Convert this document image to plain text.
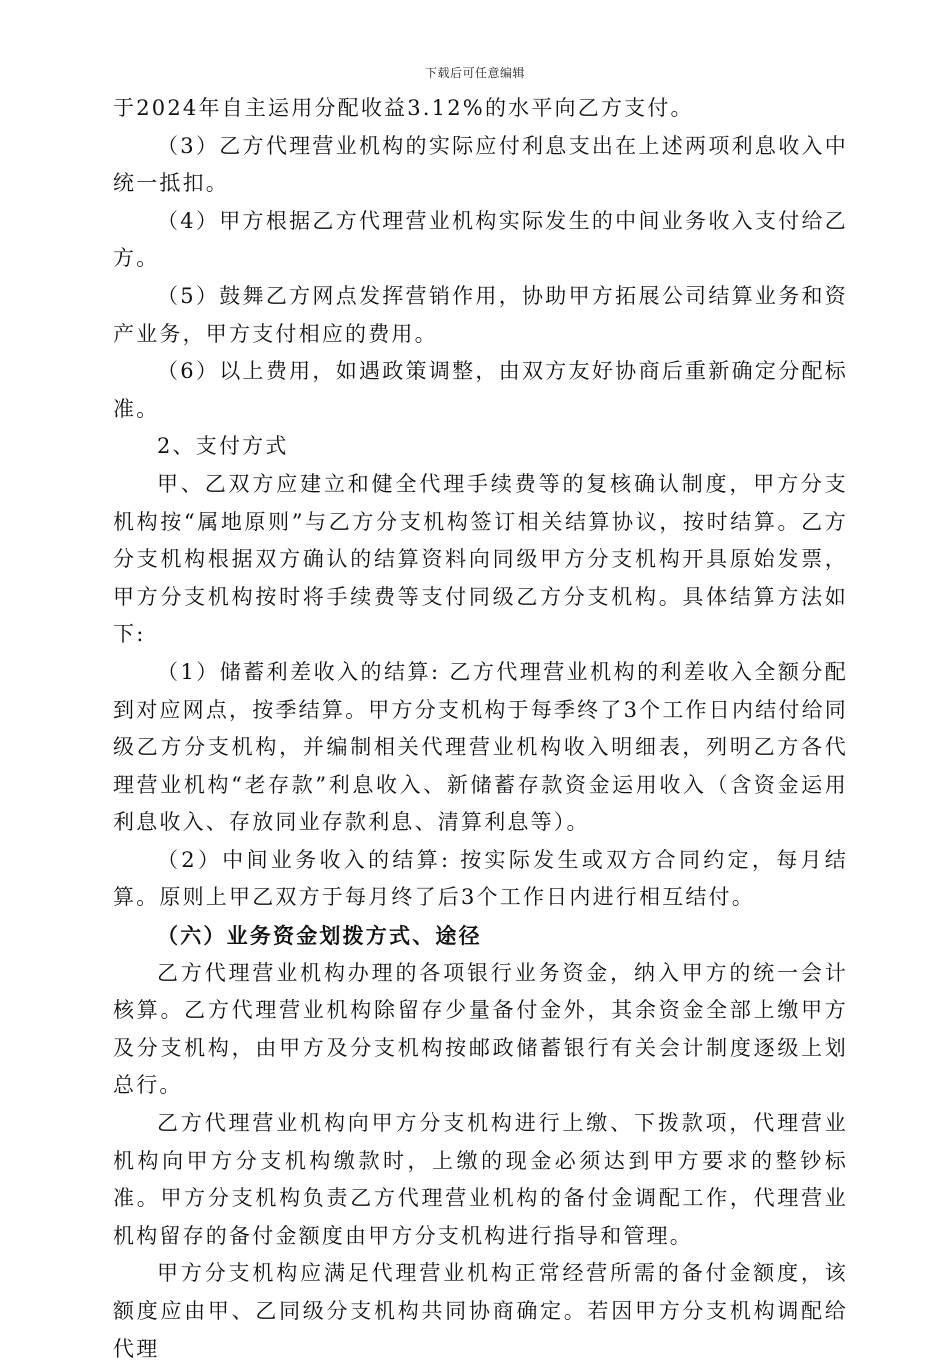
下载后可任意编辑

于2024年自主运用分配收益3.12%的水平向乙方支付。

（3）乙方代理营业机构的实际应付利息支出在上述两项利息收入中统一抵扣。

（4）甲方根据乙方代理营业机构实际发生的中间业务收入支付给乙方。

（5）鼓舞乙方网点发挥营销作用，协助甲方拓展公司结算业务和资产业务，甲方支付相应的费用。

（6）以上费用，如遇政策调整，由双方友好协商后重新确定分配标准。

2、支付方式

甲、乙双方应建立和健全代理手续费等的复核确认制度，甲方分支机构按“属地原则”与乙方分支机构签订相关结算协议，按时结算。乙方分支机构根据双方确认的结算资料向同级甲方分支机构开具原始发票，甲方分支机构按时将手续费等支付同级乙方分支机构。具体结算方法如下:

（1）储蓄利差收入的结算: 乙方代理营业机构的利差收入全额分配到对应网点，按季结算。甲方分支机构于每季终了3个工作日内结付给同级乙方分支机构，并编制相关代理营业机构收入明细表，列明乙方各代理营业机构“老存款”利息收入、新储蓄存款资金运用收入（含资金运用利息收入、存放同业存款利息、清算利息等）。

（2）中间业务收入的结算: 按实际发生或双方合同约定，每月结算。原则上甲乙双方于每月终了后3个工作日内进行相互结付。

（六）业务资金划拨方式、途径

乙方代理营业机构办理的各项银行业务资金，纳入甲方的统一会计核算。乙方代理营业机构除留存少量备付金外，其余资金全部上缴甲方及分支机构，由甲方及分支机构按邮政储蓄银行有关会计制度逐级上划总行。

乙方代理营业机构向甲方分支机构进行上缴、下拨款项，代理营业机构向甲方分支机构缴款时，上缴的现金必须达到甲方要求的整钞标准。甲方分支机构负责乙方代理营业机构的备付金调配工作，代理营业机构留存的备付金额度由甲方分支机构进行指导和管理。

甲方分支机构应满足代理营业机构正常经营所需的备付金额度，该额度应由甲、乙同级分支机构共同协商确定。若因甲方分支机构调配给代理
